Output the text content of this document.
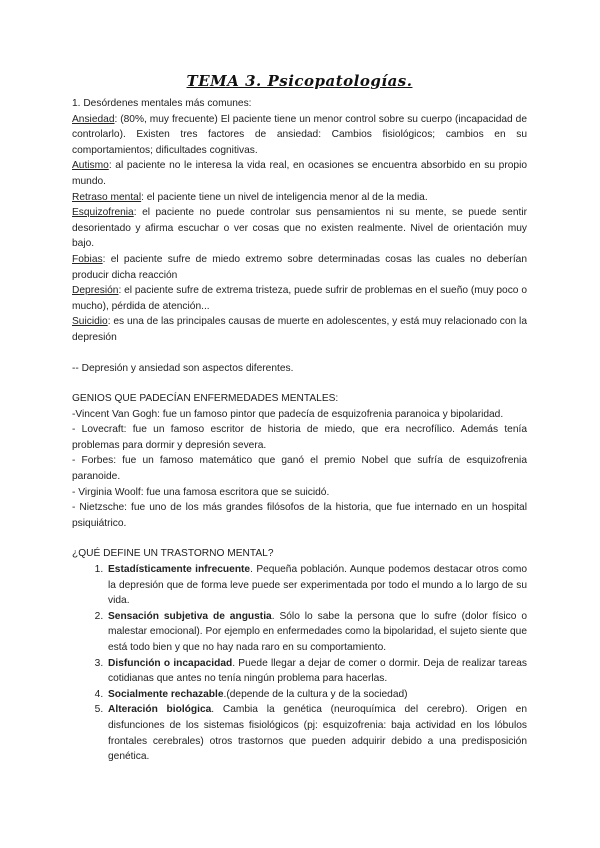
TEMA 3. Psicopatologías.

1. Desórdenes mentales más comunes:

Ansiedad: (80%, muy frecuente) El paciente tiene un menor control sobre su cuerpo (incapacidad de controlarlo). Existen tres factores de ansiedad: Cambios fisiológicos; cambios en su comportamientos; dificultades cognitivas.

Autismo: al paciente no le interesa la vida real, en ocasiones se encuentra absorbido en su propio mundo.

Retraso mental: el paciente tiene un nivel de inteligencia menor al de la media.

Esquizofrenia: el paciente no puede controlar sus pensamientos ni su mente, se puede sentir desorientado y afirma escuchar o ver cosas que no existen realmente. Nivel de orientación muy bajo.

Fobias: el paciente sufre de miedo extremo sobre determinadas cosas las cuales no deberían producir dicha reacción

Depresión: el paciente sufre de extrema tristeza, puede sufrir de problemas en el sueño (muy poco o mucho), pérdida de atención...

Suicidio: es una de las principales causas de muerte en adolescentes, y está muy relacionado con la depresión

-- Depresión y ansiedad son aspectos diferentes.

GENIOS QUE PADECÍAN ENFERMEDADES MENTALES:

-Vincent Van Gogh: fue un famoso pintor que padecía de esquizofrenia paranoica y bipolaridad.

- Lovecraft: fue un famoso escritor de historia de miedo, que era necrofílico. Además tenía problemas para dormir y depresión severa.

- Forbes: fue un famoso matemático que ganó el premio Nobel que sufría de esquizofrenia paranoide.

- Virginia Woolf: fue una famosa escritora que se suicidó.

- Nietzsche: fue uno de los más grandes filósofos de la historia, que fue internado en un hospital psiquiátrico.

¿QUÉ DEFINE UN TRASTORNO MENTAL?

1. Estadísticamente infrecuente. Pequeña población. Aunque podemos destacar otros como la depresión que de forma leve puede ser experimentada por todo el mundo a lo largo de su vida.
2. Sensación subjetiva de angustia. Sólo lo sabe la persona que lo sufre (dolor físico o malestar emocional). Por ejemplo en enfermedades como la bipolaridad, el sujeto siente que está todo bien y que no hay nada raro en su comportamiento.
3. Disfunción o incapacidad. Puede llegar a dejar de comer o dormir. Deja de realizar tareas cotidianas que antes no tenía ningún problema para hacerlas.
4. Socialmente rechazable.(depende de la cultura y de la sociedad)
5. Alteración biológica. Cambia la genética (neuroquímica del cerebro). Origen en disfunciones de los sistemas fisiológicos (pj: esquizofrenia: baja actividad en los lóbulos frontales cerebrales) otros trastornos que pueden adquirir debido a una predisposición genética.
